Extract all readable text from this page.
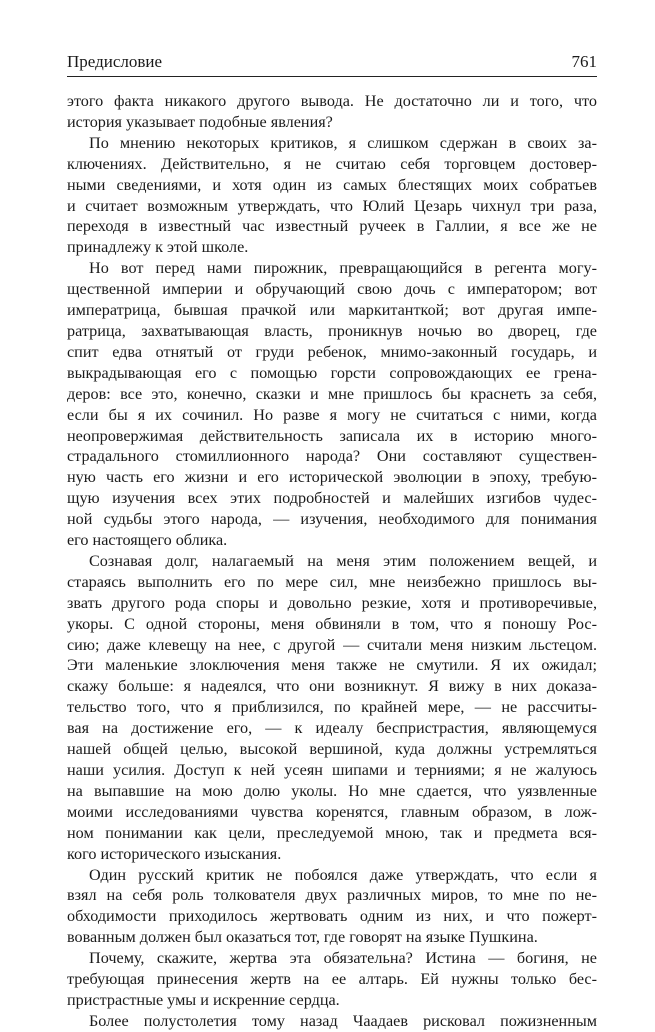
Предисловие	761

этого факта никакого другого вывода. Не достаточно ли и того, что
история указывает подобные явления?

По мнению некоторых критиков, я слишком сдержан в своих за-
ключениях. Действительно, я не считаю себя торговцем достовер-
ными сведениями, и хотя один из самых блестящих моих собратьев
и считает возможным утверждать, что Юлий Цезарь чихнул три раза,
переходя в известный час известный ручеек в Галлии, я все же не
принадлежу к этой школе.

Но вот перед нами пирожник, превращающийся в регента могу-
щественной империи и обручающий свою дочь с императором; вот
императрица, бывшая прачкой или маркитанткой; вот другая импе-
ратрица, захватывающая власть, проникнув ночью во дворец, где
спит едва отнятый от груди ребенок, мнимо-законный государь, и
выкрадывающая его с помощью горсти сопровождающих ее грена-
деров: все это, конечно, сказки и мне пришлось бы краснеть за себя,
если бы я их сочинил. Но разве я могу не считаться с ними, когда
неопровержимая действительность записала их в историю много-
страдального стомиллионного народа? Они составляют существен-
ную часть его жизни и его исторической эволюции в эпоху, требую-
щую изучения всех этих подробностей и малейших изгибов чудес-
ной судьбы этого народа, — изучения, необходимого для понимания
его настоящего облика.

Сознавая долг, налагаемый на меня этим положением вещей, и
стараясь выполнить его по мере сил, мне неизбежно пришлось вы-
звать другого рода споры и довольно резкие, хотя и противоречивые,
укоры. С одной стороны, меня обвиняли в том, что я поношу Рос-
сию; даже клевещу на нее, с другой — считали меня низким льстецом.
Эти маленькие злоключения меня также не смутили. Я их ожидал;
скажу больше: я надеялся, что они возникнут. Я вижу в них доказа-
тельство того, что я приблизился, по крайней мере, — не рассчиты-
вая на достижение его, — к идеалу беспристрастия, являющемуся
нашей общей целью, высокой вершиной, куда должны устремляться
наши усилия. Доступ к ней усеян шипами и терниями; я не жалуюсь
на выпавшие на мою долю уколы. Но мне сдается, что уязвленные
моими исследованиями чувства коренятся, главным образом, в лож-
ном понимании как цели, преследуемой мною, так и предмета вся-
кого исторического изыскания.

Один русский критик не побоялся даже утверждать, что если я
взял на себя роль толкователя двух различных миров, то мне по не-
обходимости приходилось жертвовать одним из них, и что пожерт-
вованным должен был оказаться тот, где говорят на языке Пушкина.

Почему, скажите, жертва эта обязательна? Истина — богиня, не
требующая принесения жертв на ее алтарь. Ей нужны только бес-
пристрастные умы и искренние сердца.

Более полустолетия тому назад Чаадаев рисковал пожизненным
